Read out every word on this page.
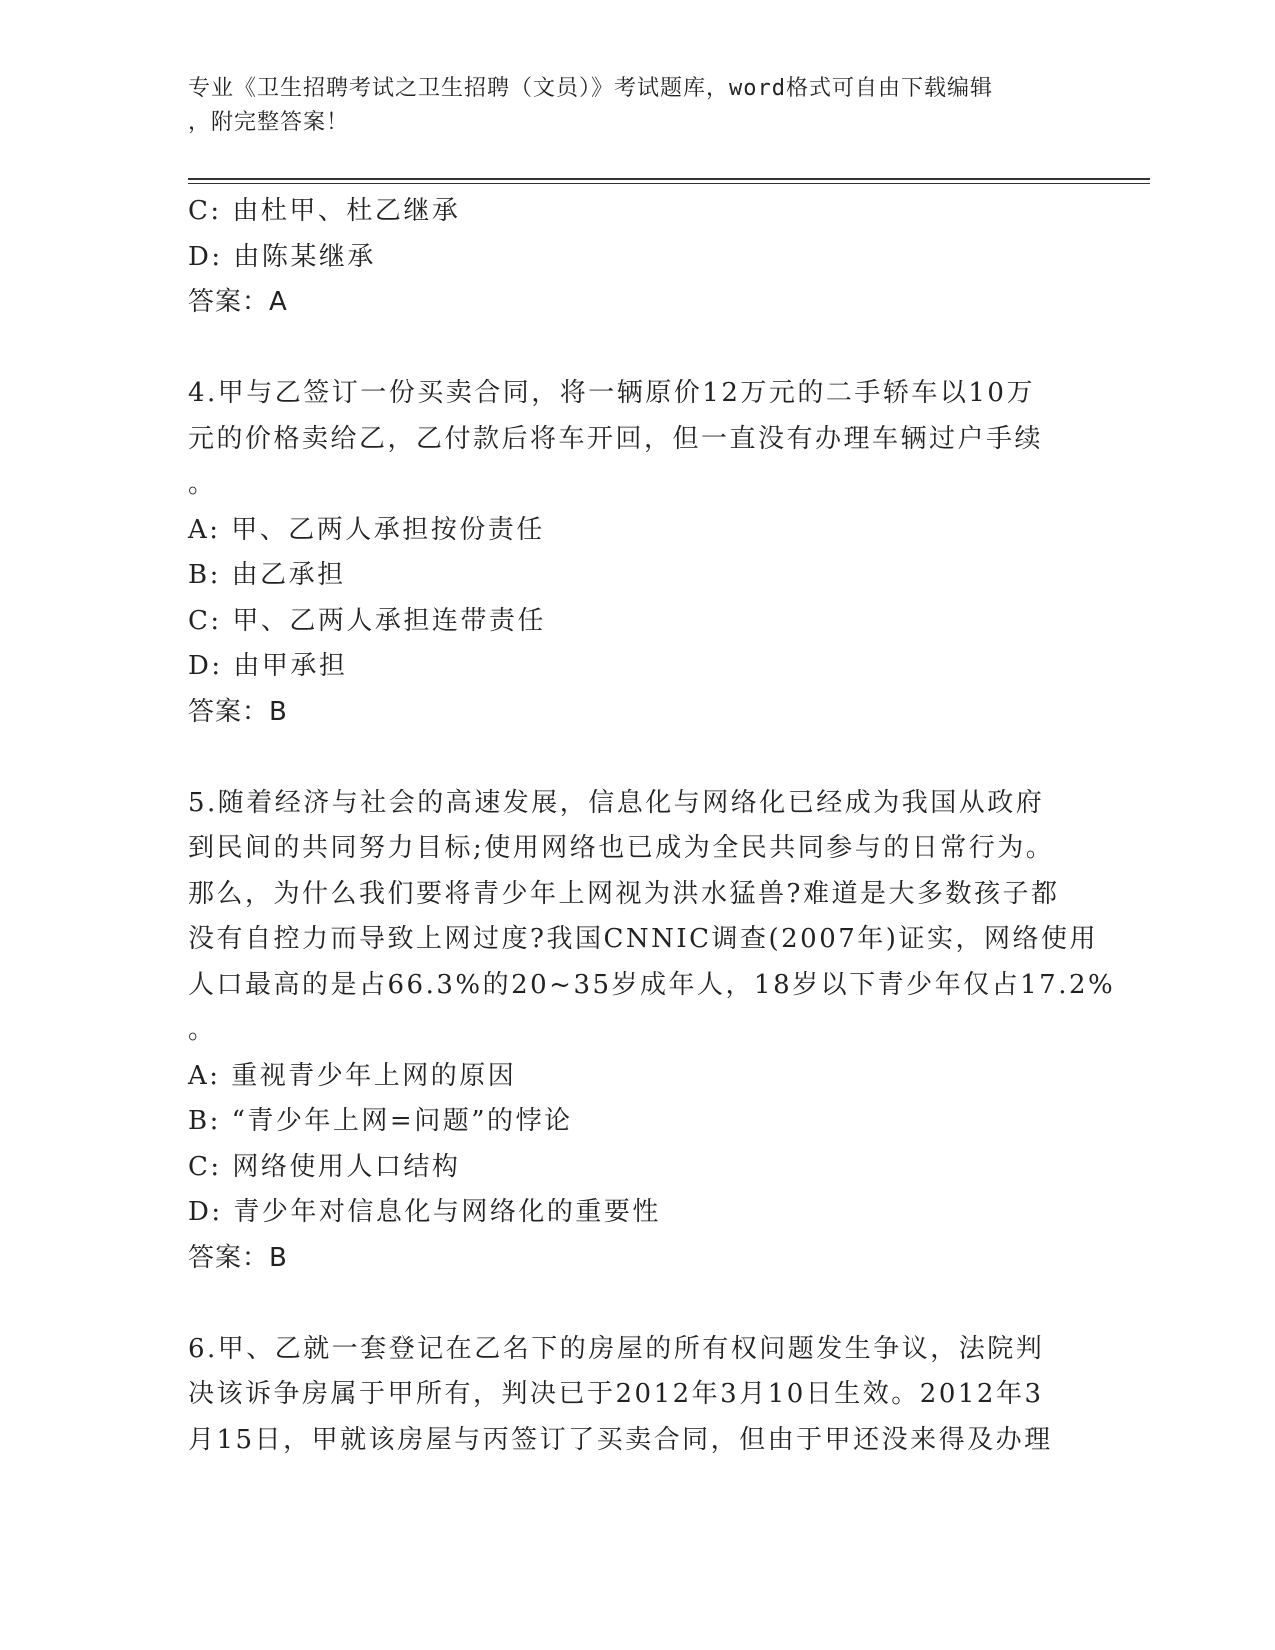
专业《卫生招聘考试之卫生招聘（文员）》考试题库，word格式可自由下载编辑
，附完整答案！
C: 由杜甲、杜乙继承
D: 由陈某继承
答案：A
4.甲与乙签订一份买卖合同，将一辆原价12万元的二手轿车以10万
元的价格卖给乙，乙付款后将车开回，但一直没有办理车辆过户手续
。
A: 甲、乙两人承担按份责任
B: 由乙承担
C: 甲、乙两人承担连带责任
D: 由甲承担
答案：B
5.随着经济与社会的高速发展，信息化与网络化已经成为我国从政府
到民间的共同努力目标;使用网络也已成为全民共同参与的日常行为。
那么，为什么我们要将青少年上网视为洪水猛兽?难道是大多数孩子都
没有自控力而导致上网过度?我国CNNIC调查(2007年)证实，网络使用
人口最高的是占66.3%的20~35岁成年人，18岁以下青少年仅占17.2%
。
A: 重视青少年上网的原因
B: “青少年上网=问题”的悖论
C: 网络使用人口结构
D: 青少年对信息化与网络化的重要性
答案：B
6.甲、乙就一套登记在乙名下的房屋的所有权问题发生争议，法院判
决该诉争房属于甲所有，判决已于2012年3月10日生效。2012年3
月15日，甲就该房屋与丙签订了买卖合同，但由于甲还没来得及办理
